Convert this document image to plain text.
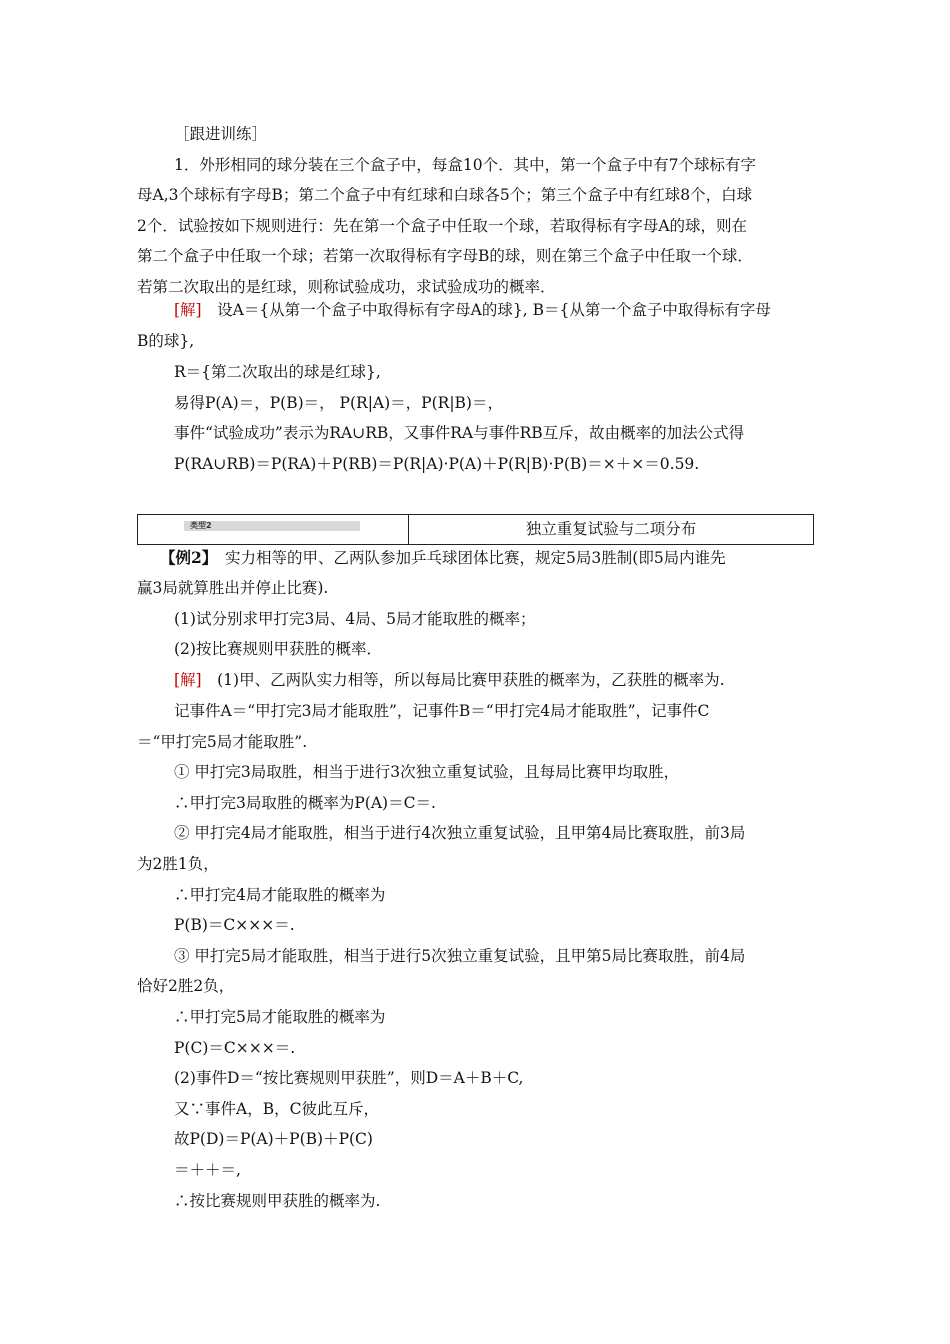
［跟进训练］
1．外形相同的球分装在三个盒子中，每盒10个．其中，第一个盒子中有7个球标有字
母A,3个球标有字母B；第二个盒子中有红球和白球各5个；第三个盒子中有红球8个，白球
2个．试验按如下规则进行：先在第一个盒子中任取一个球，若取得标有字母A的球，则在
第二个盒子中任取一个球；若第一次取得标有字母B的球，则在第三个盒子中任取一个球．
若第二次取出的是红球，则称试验成功，求试验成功的概率．
[解]　 设A＝{从第一个盒子中取得标有字母A的球}, B＝{从第一个盒子中取得标有字母
B的球},
R＝{第二次取出的球是红球},
易得P(A)＝，P(B)＝， P(R|A)＝，P(R|B)＝，
事件“试验成功”表示为RA∪RB，又事件RA与事件RB互斥，故由概率的加法公式得
P(RA∪RB)＝P(RA)＋P(RB)＝P(R|A)·P(A)＋P(R|B)·P(B)＝×＋×＝0.59.
类型2	独立重复试验与二项分布
【例2】　实力相等的甲、乙两队参加乒乓球团体比赛，规定5局3胜制(即5局内谁先
赢3局就算胜出并停止比赛).
(1)试分别求甲打完3局、4局、5局才能取胜的概率；
(2)按比赛规则甲获胜的概率．
[解]　 (1)甲、乙两队实力相等，所以每局比赛甲获胜的概率为，乙获胜的概率为.
记事件A＝“甲打完3局才能取胜”，记事件B＝“甲打完4局才能取胜”，记事件C
＝“甲打完5局才能取胜”.
① 甲打完3局取胜，相当于进行3次独立重复试验，且每局比赛甲均取胜，
∴甲打完3局取胜的概率为P(A)＝C＝.
② 甲打完4局才能取胜，相当于进行4次独立重复试验，且甲第4局比赛取胜，前3局
为2胜1负，
∴甲打完4局才能取胜的概率为
P(B)＝C×××＝.
③ 甲打完5局才能取胜，相当于进行5次独立重复试验，且甲第5局比赛取胜，前4局
恰好2胜2负，
∴甲打完5局才能取胜的概率为
P(C)＝C×××＝.
(2)事件D＝“按比赛规则甲获胜”，则D＝A＋B＋C,
又∵事件A，B，C彼此互斥，
故P(D)＝P(A)＋P(B)＋P(C)
＝＋＋＝,
∴按比赛规则甲获胜的概率为.
